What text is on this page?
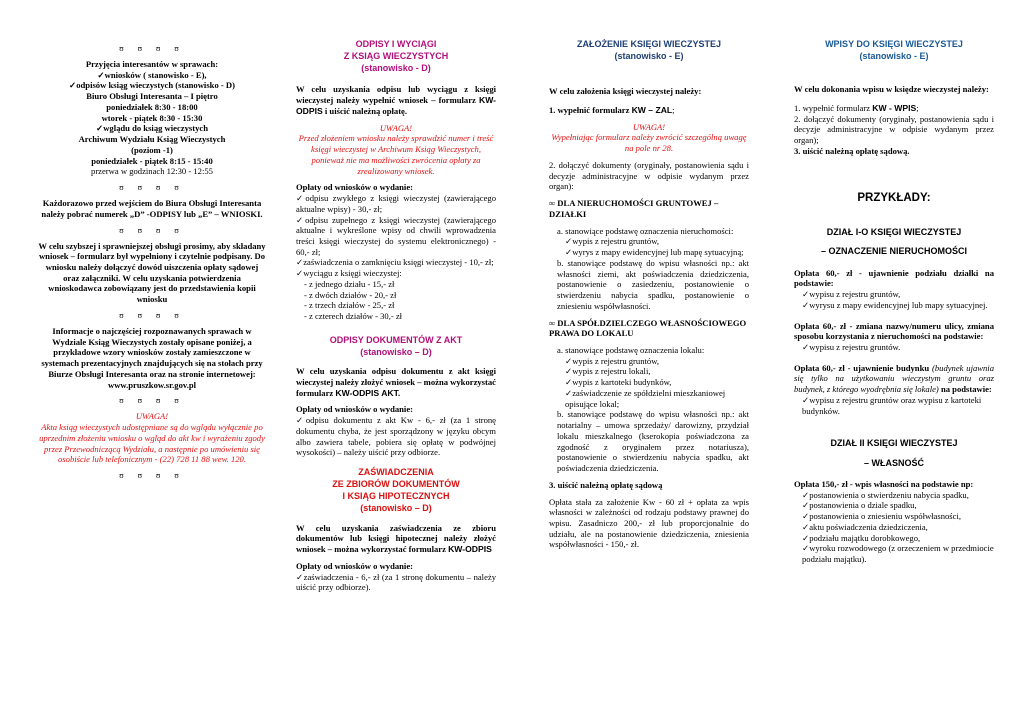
ʊ ʊ ʊ ʊ
Przyjęcia interesantów w sprawach:
✓ wniosków ( stanowisko - E),
✓ odpisów ksiąg wieczystych (stanowisko - D)
Biuro Obsługi Interesanta – I piętro
poniedziałek 8:30 - 18:00
wtorek - piątek 8:30 - 15:30
✓ wglądu do ksiąg wieczystych
Archiwum Wydziału Ksiąg Wieczystych
(poziom -1)
poniedziałek - piątek 8:15 - 15:40
przerwa w godzinach 12:30 - 12:55
ʊ ʊ ʊ ʊ
Każdorazowo przed wejściem do Biura Obsługi Interesanta należy pobrać numerek „D” -ODPISY lub „E” – WNIOSKI.
ʊ ʊ ʊ ʊ
W celu szybszej i sprawniejszej obsługi prosimy, aby składany wniosek – formularz był wypełniony i czytelnie podpisany. Do wniosku należy dołączyć dowód uiszczenia opłaty sądowej oraz załączniki. W celu uzyskania potwierdzenia wnioskodawca zobowiązany jest do przedstawienia kopii wniosku
ʊ ʊ ʊ ʊ
Informacje o najczęściej rozpoznawanych sprawach w Wydziale Ksiąg Wieczystych zostały opisane poniżej, a przykładowe wzory wniosków zostały zamieszczone w systemach prezentacyjnych znajdujących się na stołach przy Biurze Obsługi Interesanta oraz na stronie internetowej: www.pruszkow.sr.gov.pl
ʊ ʊ ʊ ʊ
UWAGA!
Akta ksiąg wieczystych udostępniane są do wglądu wyłącznie po uprzednim złożeniu wniosku o wgląd do akt kw i wyrażeniu zgody przez Przewodniczącą Wydziału, a następnie po umówieniu się osobiście lub telefonicznym - (22) 728 11 88 wew. 120.
ʊ ʊ ʊ ʊ
ODPISY I WYCIĄGI
Z KSIĄG WIECZYSTYCH
(stanowisko - D)

W celu uzyskania odpisu lub wyciągu z księgi wieczystej należy wypełnić wniosek – formularz KW-ODPIS i uiścić należną opłatę.

UWAGA!

Przed złożeniem wniosku należy sprawdzić numer i treść księgi wieczystej w Archiwum Ksiąg Wieczystych, ponieważ nie ma możliwości zwrócenia opłaty za zrealizowany wniosek.

Opłaty od wniosków o wydanie:
✓ odpisu zwykłego z księgi wieczystej (zawierającego aktualne wpisy) - 30,- zł;
✓ odpisu zupełnego z księgi wieczystej (zawierającego aktualne i wykreślone wpisy od chwili wprowadzenia treści księgi wieczystej do systemu elektronicznego) - 60,- zł;
✓ zaświadczenia o zamknięciu księgi wieczystej - 10,- zł;
✓ wyciągu z księgi wieczystej:
- z jednego działu - 15,- zł
- z dwóch działów - 20,- zł
- z trzech działów - 25,- zł
- z czterech działów - 30,- zł
ODPISY DOKUMENTÓW Z AKT
(stanowisko – D)

W celu uzyskania odpisu dokumentu z akt księgi wieczystej należy złożyć wniosek – można wykorzystać formularz KW-ODPIS AKT.

Opłaty od wniosków o wydanie:

✓ odpisu dokumentu z akt Kw - 6,- zł (za 1 stronę dokumentu chyba, że jest sporządzony w języku obcym albo zawiera tabele, pobiera się opłatę w podwójnej wysokości) – należy uiścić przy odbiorze.

ZAŚWIADCZENIA
ZE ZBIORÓW DOKUMENTÓW
I KSIĄG HIPOTECZNYCH
(stanowisko – D)

W celu uzyskania zaświadczenia ze zbioru dokumentów lub księgi hipotecznej należy złożyć wniosek – można wykorzystać formularz KW-ODPIS

Opłaty od wniosków o wydanie:
✓ zaświadczenia - 6,- zł (za 1 stronę dokumentu – należy uiścić przy odbiorze).
ZAŁOŻENIE KSIĘGI WIECZYSTEJ
(stanowisko - E)

W celu założenia księgi wieczystej należy:

1. wypełnić formularz KW – ZAL;

UWAGA!

Wypełniając formularz należy zwrócić szczególną uwagę na pole nr 28.

2. dołączyć dokumenty (oryginały, postanowienia sądu i decyzje administracyjne w odpisie wydanym przez organ):

∞ DLA NIERUCHOMOŚCI GRUNTOWEJ – DZIAŁKI

a. stanowiące podstawę oznaczenia nieruchomości:
✓ wypis z rejestru gruntów,
✓ wyrys z mapy ewidencyjnej lub mapę sytuacyjną;

b. stanowiące podstawę do wpisu własności np.: akt własności ziemi, akt poświadczenia dziedziczenia, postanowienie o zasiedzeniu, postanowienie o stwierdzeniu nabycia spadku, postanowienie o zniesieniu współwłasności.

∞ DLA SPÓŁDZIELCZEGO WŁASNOŚCIOWEGO PRAWA DO LOKALU

a. stanowiące podstawę oznaczenia lokalu:
✓ wypis z rejestru gruntów,
✓ wypis z rejestru lokali,
✓ wypis z kartoteki budynków,
✓ zaświadczenie ze spółdzielni mieszkaniowej opisujące lokal;

b. stanowiące podstawę do wpisu własności np.: akt notarialny – umowa sprzedaży/ darowizny, przydział lokalu mieszkalnego (kserokopia poświadczona za zgodność z oryginałem przez notariusza), postanowienie o stwierdzeniu nabycia spadku, akt poświadczenia dziedziczenia.

3. uiścić należną opłatę sądową

Opłata stała za założenie Kw - 60 zł + opłata za wpis własności w zależności od rodzaju podstawy prawnej do wpisu. Zasadniczo 200,- zł lub proporcjonalnie do udziału, ale na postanowienie dziedziczenia, zniesienia współwłasności - 150,- zł.

WPISY DO KSIĘGI WIECZYSTEJ
(stanowisko - E)

W celu dokonania wpisu w księdze wieczystej należy:

1. wypełnić formularz KW - WPIS;
2. dołączyć dokumenty (oryginały, postanowienia sądu i decyzje administracyjne w odpisie wydanym przez organ);
3. uiścić należną opłatę sądową.
PRZYKŁADY:
DZIAŁ I-O KSIĘGI WIECZYSTEJ
– OZNACZENIE NIERUCHOMOŚCI
Opłata 60,- zł - ujawnienie podziału działki na podstawie:
✓ wypisu z rejestru gruntów,

✓ wyrysu z mapy ewidencyjnej lub mapy sytuacyjnej.

Opłata 60,- zł - zmiana nazwy/numeru ulicy, zmiana sposobu korzystania z nieruchomości na podstawie:

✓ wypisu z rejestru gruntów.

Opłata 60,- zł - ujawnienie budynku (budynek ujawnia się tylko na użytkowaniu wieczystym gruntu oraz budynek, z którego wyodrębnia się lokale) na podstawie:

✓ wypisu z rejestru gruntów oraz wypisu z kartoteki budynków.

DZIAŁ II KSIĘGI WIECZYSTEJ
– WŁASNOŚĆ
Opłata 150,- zł - wpis własności na podstawie np:
✓ postanowienia o stwierdzeniu nabycia spadku,
✓ postanowienia o dziale spadku,
✓ postanowienia o zniesieniu współwłasności,
✓ aktu poświadczenia dziedziczenia,
✓ podziału majątku dorobkowego,
✓ wyroku rozwodowego (z orzeczeniem w przedmiocie podziału majątku).
